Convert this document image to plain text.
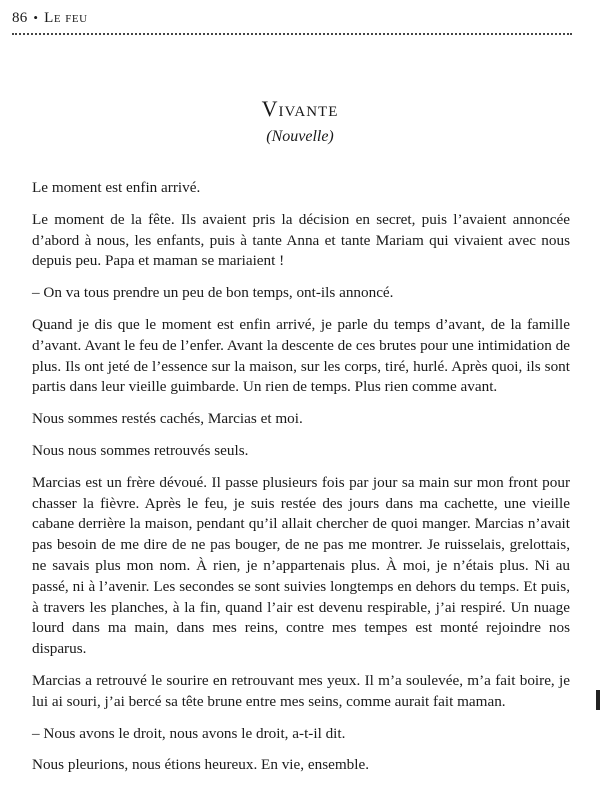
86 • Le feu
Vivante
(Nouvelle)

Le moment est enfin arrivé.

Le moment de la fête. Ils avaient pris la décision en secret, puis l’avaient annoncée d’abord à nous, les enfants, puis à tante Anna et tante Mariam qui vivaient avec nous depuis peu. Papa et maman se mariaient !

– On va tous prendre un peu de bon temps, ont-ils annoncé.

Quand je dis que le moment est enfin arrivé, je parle du temps d’avant, de la famille d’avant. Avant le feu de l’enfer. Avant la descente de ces brutes pour une intimidation de plus. Ils ont jeté de l’essence sur la maison, sur les corps, tiré, hurlé. Après quoi, ils sont partis dans leur vieille guimbarde. Un rien de temps. Plus rien comme avant.

Nous sommes restés cachés, Marcias et moi.

Nous nous sommes retrouvés seuls.

Marcias est un frère dévoué. Il passe plusieurs fois par jour sa main sur mon front pour chasser la fièvre. Après le feu, je suis restée des jours dans ma cachette, une vieille cabane derrière la maison, pendant qu’il allait chercher de quoi manger. Marcias n’avait pas besoin de me dire de ne pas bouger, de ne pas me montrer. Je ruisselais, grelottais, ne savais plus mon nom. À rien, je n’appartenais plus. À moi, je n’étais plus. Ni au passé, ni à l’avenir. Les secondes se sont suivies longtemps en dehors du temps. Et puis, à travers les planches, à la fin, quand l’air est devenu respirable, j’ai respiré. Un nuage lourd dans ma main, dans mes reins, contre mes tempes est monté rejoindre nos disparus.

Marcias a retrouvé le sourire en retrouvant mes yeux. Il m’a soulevée, m’a fait boire, je lui ai souri, j’ai bercé sa tête brune entre mes seins, comme aurait fait maman.

– Nous avons le droit, nous avons le droit, a-t-il dit.

Nous pleurions, nous étions heureux. En vie, ensemble.
